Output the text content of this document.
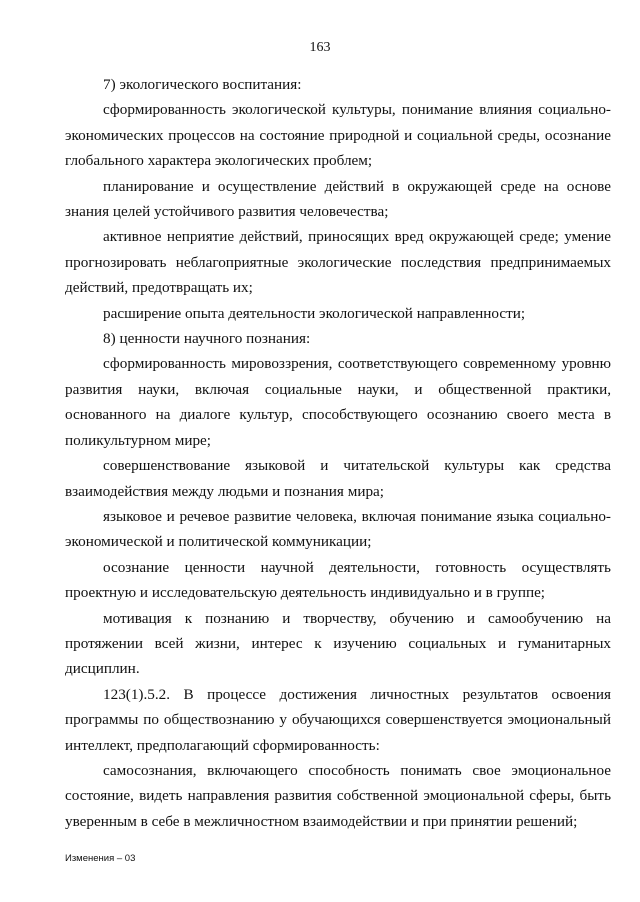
163

7) экологического воспитания:

сформированность экологической культуры, понимание влияния социально-экономических процессов на состояние природной и социальной среды, осознание глобального характера экологических проблем;

планирование и осуществление действий в окружающей среде на основе знания целей устойчивого развития человечества;

активное неприятие действий, приносящих вред окружающей среде; умение прогнозировать неблагоприятные экологические последствия предпринимаемых действий, предотвращать их;

расширение опыта деятельности экологической направленности;

8) ценности научного познания:

сформированность мировоззрения, соответствующего современному уровню развития науки, включая социальные науки, и общественной практики, основанного на диалоге культур, способствующего осознанию своего места в поликультурном мире;

совершенствование языковой и читательской культуры как средства взаимодействия между людьми и познания мира;

языковое и речевое развитие человека, включая понимание языка социально-экономической и политической коммуникации;

осознание ценности научной деятельности, готовность осуществлять проектную и исследовательскую деятельность индивидуально и в группе;

мотивация к познанию и творчеству, обучению и самообучению на протяжении всей жизни, интерес к изучению социальных и гуманитарных дисциплин.

123(1).5.2. В процессе достижения личностных результатов освоения программы по обществознанию у обучающихся совершенствуется эмоциональный интеллект, предполагающий сформированность:

самосознания, включающего способность понимать свое эмоциональное состояние, видеть направления развития собственной эмоциональной сферы, быть уверенным в себе в межличностном взаимодействии и при принятии решений;

Изменения – 03
